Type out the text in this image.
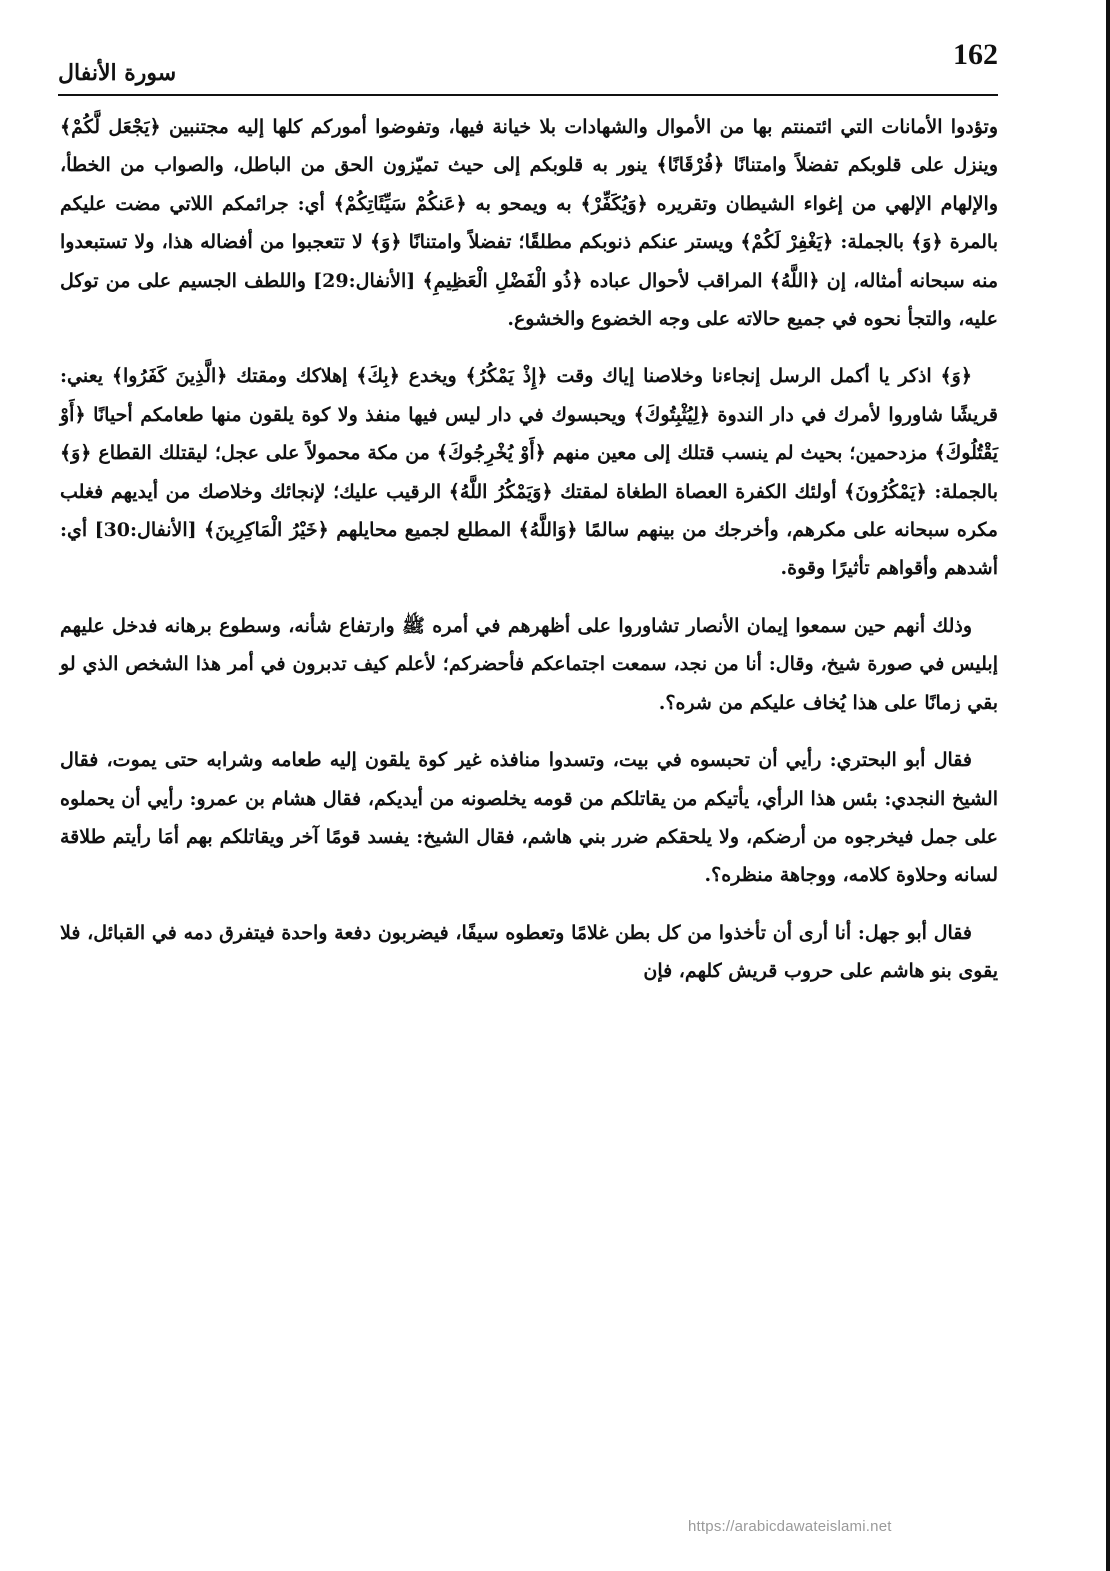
162
سورة الأنفال

وتؤدوا الأمانات التي ائتمنتم بها من الأموال والشهادات بلا خيانة فيها، وتفوضوا أموركم كلها إليه مجتنبين ﴿يَجْعَل لَّكُمْ﴾ وينزل على قلوبكم تفضلاً وامتنانًا ﴿فُرْقَانًا﴾ ينور به قلوبكم إلى حيث تميّزون الحق من الباطل، والصواب من الخطأ، والإلهام الإلهي من إغواء الشيطان وتقريره ﴿وَيُكَفِّرْ﴾ به ويمحو به ﴿عَنكُمْ سَيِّئَاتِكُمْ﴾ أي: جرائمكم اللاتي مضت عليكم بالمرة ﴿وَ﴾ بالجملة: ﴿يَغْفِرْ لَكُمْ﴾ ويستر عنكم ذنوبكم مطلقًا؛ تفضلاً وامتنانًا ﴿وَ﴾ لا تتعجبوا من أفضاله هذا، ولا تستبعدوا منه سبحانه أمثاله، إن ﴿اللَّهُ﴾ المراقب لأحوال عباده ﴿ذُو الْفَضْلِ الْعَظِيمِ﴾ [الأنفال:29] واللطف الجسيم على من توكل عليه، والتجأ نحوه في جميع حالاته على وجه الخضوع والخشوع.

﴿وَ﴾ اذكر يا أكمل الرسل إنجاءنا وخلاصنا إياك وقت ﴿إِذْ يَمْكُرُ﴾ ويخدع ﴿بِكَ﴾ إهلاكك ومقتك ﴿الَّذِينَ كَفَرُوا﴾ يعني: قريشًا شاوروا لأمرك في دار الندوة ﴿لِيُثْبِتُوكَ﴾ ويحبسوك في دار ليس فيها منفذ ولا كوة يلقون منها طعامكم أحيانًا ﴿أَوْ يَقْتُلُوكَ﴾ مزدحمين؛ بحيث لم ينسب قتلك إلى معين منهم ﴿أَوْ يُخْرِجُوكَ﴾ من مكة محمولاً على عجل؛ ليقتلك القطاع ﴿وَ﴾ بالجملة: ﴿يَمْكُرُونَ﴾ أولئك الكفرة العصاة الطغاة لمقتك ﴿وَيَمْكُرُ اللَّهُ﴾ الرقيب عليك؛ لإنجائك وخلاصك من أيديهم فغلب مكره سبحانه على مكرهم، وأخرجك من بينهم سالمًا ﴿وَاللَّهُ﴾ المطلع لجميع محايلهم ﴿خَيْرُ الْمَاكِرِينَ﴾ [الأنفال:30] أي: أشدهم وأقواهم تأثيرًا وقوة.

وذلك أنهم حين سمعوا إيمان الأنصار تشاوروا على أظهرهم في أمره ﷺ وارتفاع شأنه، وسطوع برهانه فدخل عليهم إبليس في صورة شيخ، وقال: أنا من نجد، سمعت اجتماعكم فأحضركم؛ لأعلم كيف تدبرون في أمر هذا الشخص الذي لو بقي زمانًا على هذا يُخاف عليكم من شره؟.

فقال أبو البحتري: رأيي أن تحبسوه في بيت، وتسدوا منافذه غير كوة يلقون إليه طعامه وشرابه حتى يموت، فقال الشيخ النجدي: بئس هذا الرأي، يأتيكم من يقاتلكم من قومه يخلصونه من أيديكم، فقال هشام بن عمرو: رأيي أن يحملوه على جمل فيخرجوه من أرضكم، ولا يلحقكم ضرر بني هاشم، فقال الشيخ: يفسد قومًا آخر ويقاتلكم بهم أمَا رأيتم طلاقة لسانه وحلاوة كلامه، ووجاهة منظره؟.

فقال أبو جهل: أنا أرى أن تأخذوا من كل بطن غلامًا وتعطوه سيفًا، فيضربون دفعة واحدة فيتفرق دمه في القبائل، فلا يقوى بنو هاشم على حروب قريش كلهم، فإن

https://arabicdawateislami.net
